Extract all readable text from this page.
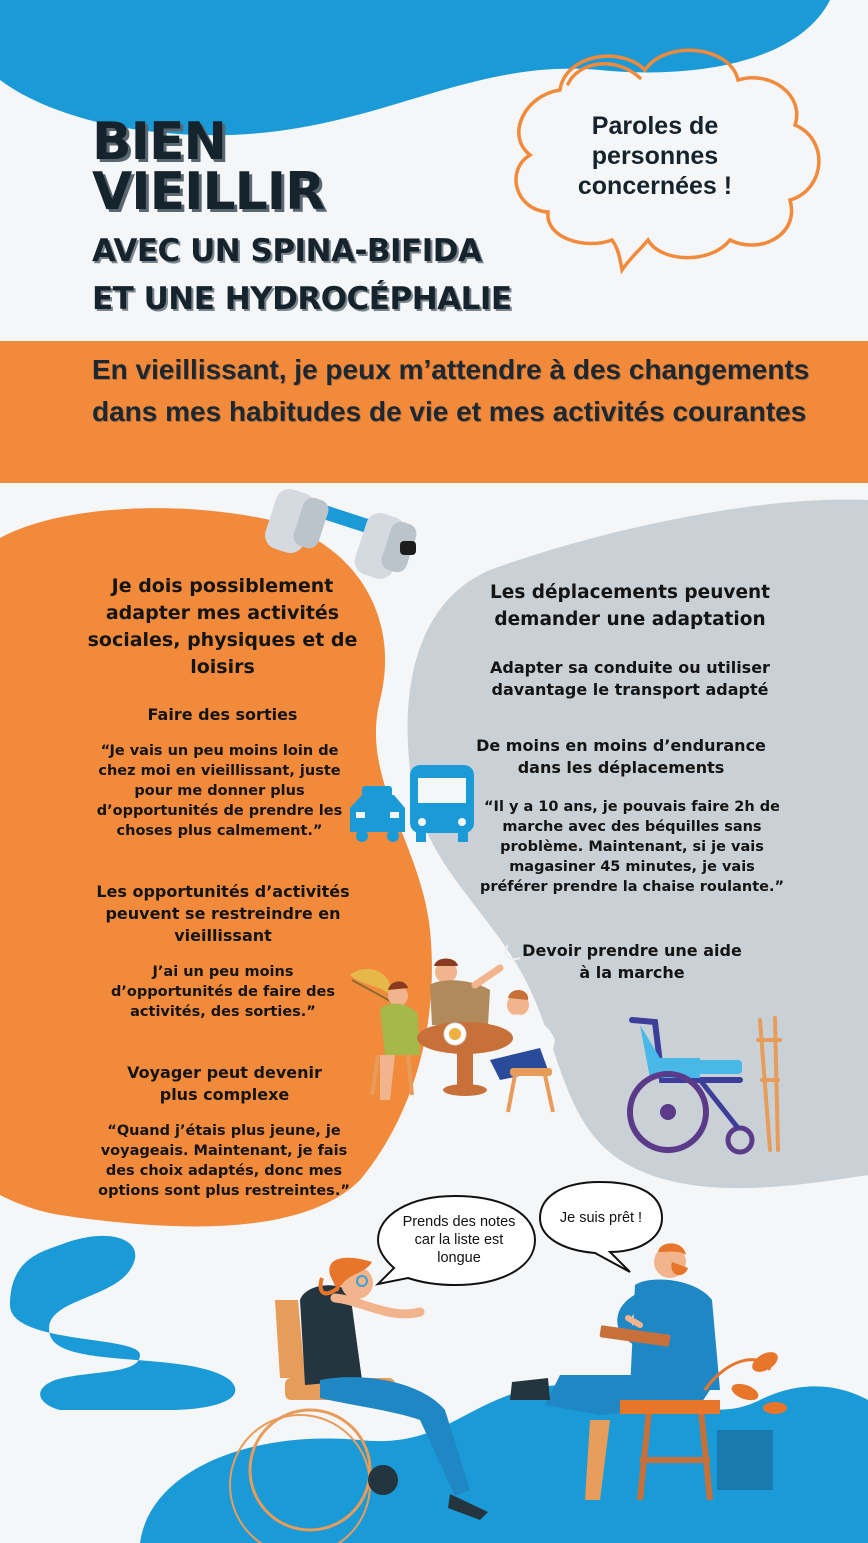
BIEN
VIEILLIR
AVEC UN SPINA-BIFIDA
ET UNE HYDROCÉPHALIE
Paroles de
personnes
concernées !

En vieillissant, je peux m’attendre à des changements dans mes habitudes de vie et mes activités courantes

Je dois possiblement adapter mes activités sociales, physiques et de loisirs

Faire des sorties

“Je vais un peu moins loin de chez moi en vieillissant, juste pour me donner plus d’opportunités de prendre les choses plus calmement.”

Les opportunités d’activités peuvent se restreindre en vieillissant

J’ai un peu moins d’opportunités de faire des activités, des sorties.”

Voyager peut devenir plus complexe

“Quand j’étais plus jeune, je voyageais. Maintenant, je fais des choix adaptés, donc mes options sont plus restreintes.”

Les déplacements peuvent demander une adaptation

Adapter sa conduite ou utiliser davantage le transport adapté

De moins en moins d’endurance dans les déplacements

“Il y a 10 ans, je pouvais faire 2h de marche avec des béquilles sans problème. Maintenant, si je vais magasiner 45 minutes, je vais préférer prendre la chaise roulante.”

Devoir prendre une aide à la marche

Prends des notes car la liste est longue

Je suis prêt !
